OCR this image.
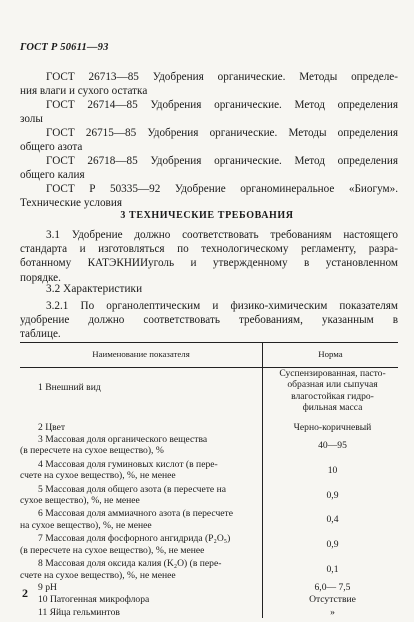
ГОСТ Р 50611—93
ГОСТ 26713—85 Удобрения органические. Методы определе-
ния влаги и сухого остатка
ГОСТ 26714—85 Удобрения органические. Метод определения
золы
ГОСТ 26715—85 Удобрения органические. Методы определения
общего азота
ГОСТ 26718—85 Удобрения органические. Метод определения
общего калия
ГОСТ Р 50335—92 Удобрение органоминеральное «Биогум».
Технические условия
3 ТЕХНИЧЕСКИЕ ТРЕБОВАНИЯ
3.1 Удобрение должно соответствовать требованиям настоящего
стандарта и изготовляться по технологическому регламенту, разра-
ботанному КАТЭКНИИуголь и утвержденному в установленном
порядке.
3.2 Характеристики
3.2.1 По органолептическим и физико-химическим показателям
удобрение должно соответствовать требованиям, указанным в
таблице.
Наименование показателя	Норма

1 Внешний вид	Суспензированная, пасто-
образная или сыпучая
влагостойкая гидро-
фильная масса

2 Цвет	Черно-коричневый

3 Массовая доля органического вещества
(в пересчете на сухое вещество), %	40—95

4 Массовая доля гуминовых кислот (в пере-
счете на сухое вещество), %, не менее	10

5 Массовая доля общего азота (в пересчете на
сухое вещество), %, не менее	0,9

6 Массовая доля аммиачного азота (в пересчете
на сухое вещество), %, не менее	0,4

7 Массовая доля фосфорного ангидрида (P₂O₅)
(в пересчете на сухое вещество), %, не менее	0,9

8 Массовая доля оксида калия (K₂O) (в пере-
счете на сухое вещество), %, не менее	0,1

9 pH	6,0— 7,5

10 Патогенная микрофлора	Отсутствие

11 Яйца гельминтов	»
2
